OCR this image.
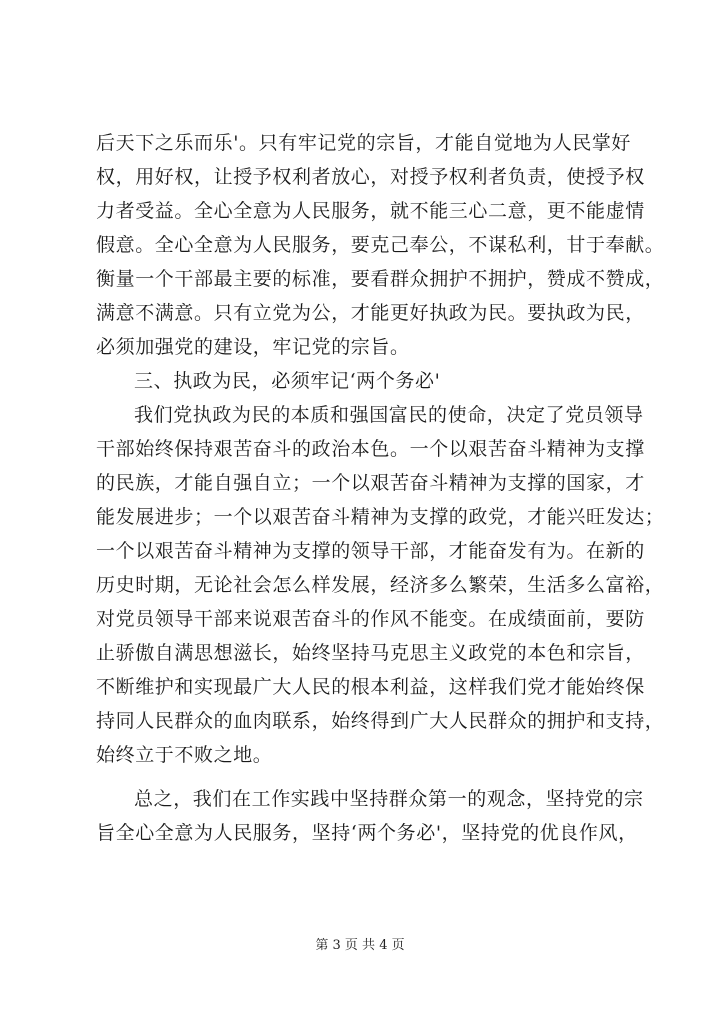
后天下之乐而乐'。只有牢记党的宗旨，才能自觉地为人民掌好
权，用好权，让授予权利者放心，对授予权利者负责，使授予权
力者受益。全心全意为人民服务，就不能三心二意，更不能虚情
假意。全心全意为人民服务，要克己奉公，不谋私利，甘于奉献。
衡量一个干部最主要的标准，要看群众拥护不拥护，赞成不赞成，
满意不满意。只有立党为公，才能更好执政为民。要执政为民，
必须加强党的建设，牢记党的宗旨。
三、执政为民，必须牢记‘两个务必'
我们党执政为民的本质和强国富民的使命，决定了党员领导
干部始终保持艰苦奋斗的政治本色。一个以艰苦奋斗精神为支撑
的民族，才能自强自立；一个以艰苦奋斗精神为支撑的国家，才
能发展进步；一个以艰苦奋斗精神为支撑的政党，才能兴旺发达；
一个以艰苦奋斗精神为支撑的领导干部，才能奋发有为。在新的
历史时期，无论社会怎么样发展，经济多么繁荣，生活多么富裕，
对党员领导干部来说艰苦奋斗的作风不能变。在成绩面前，要防
止骄傲自满思想滋长，始终坚持马克思主义政党的本色和宗旨，
不断维护和实现最广大人民的根本利益，这样我们党才能始终保
持同人民群众的血肉联系，始终得到广大人民群众的拥护和支持，
始终立于不败之地。
总之，我们在工作实践中坚持群众第一的观念，坚持党的宗
旨全心全意为人民服务，坚持‘两个务必'，坚持党的优良作风，
第 3 页 共 4 页
